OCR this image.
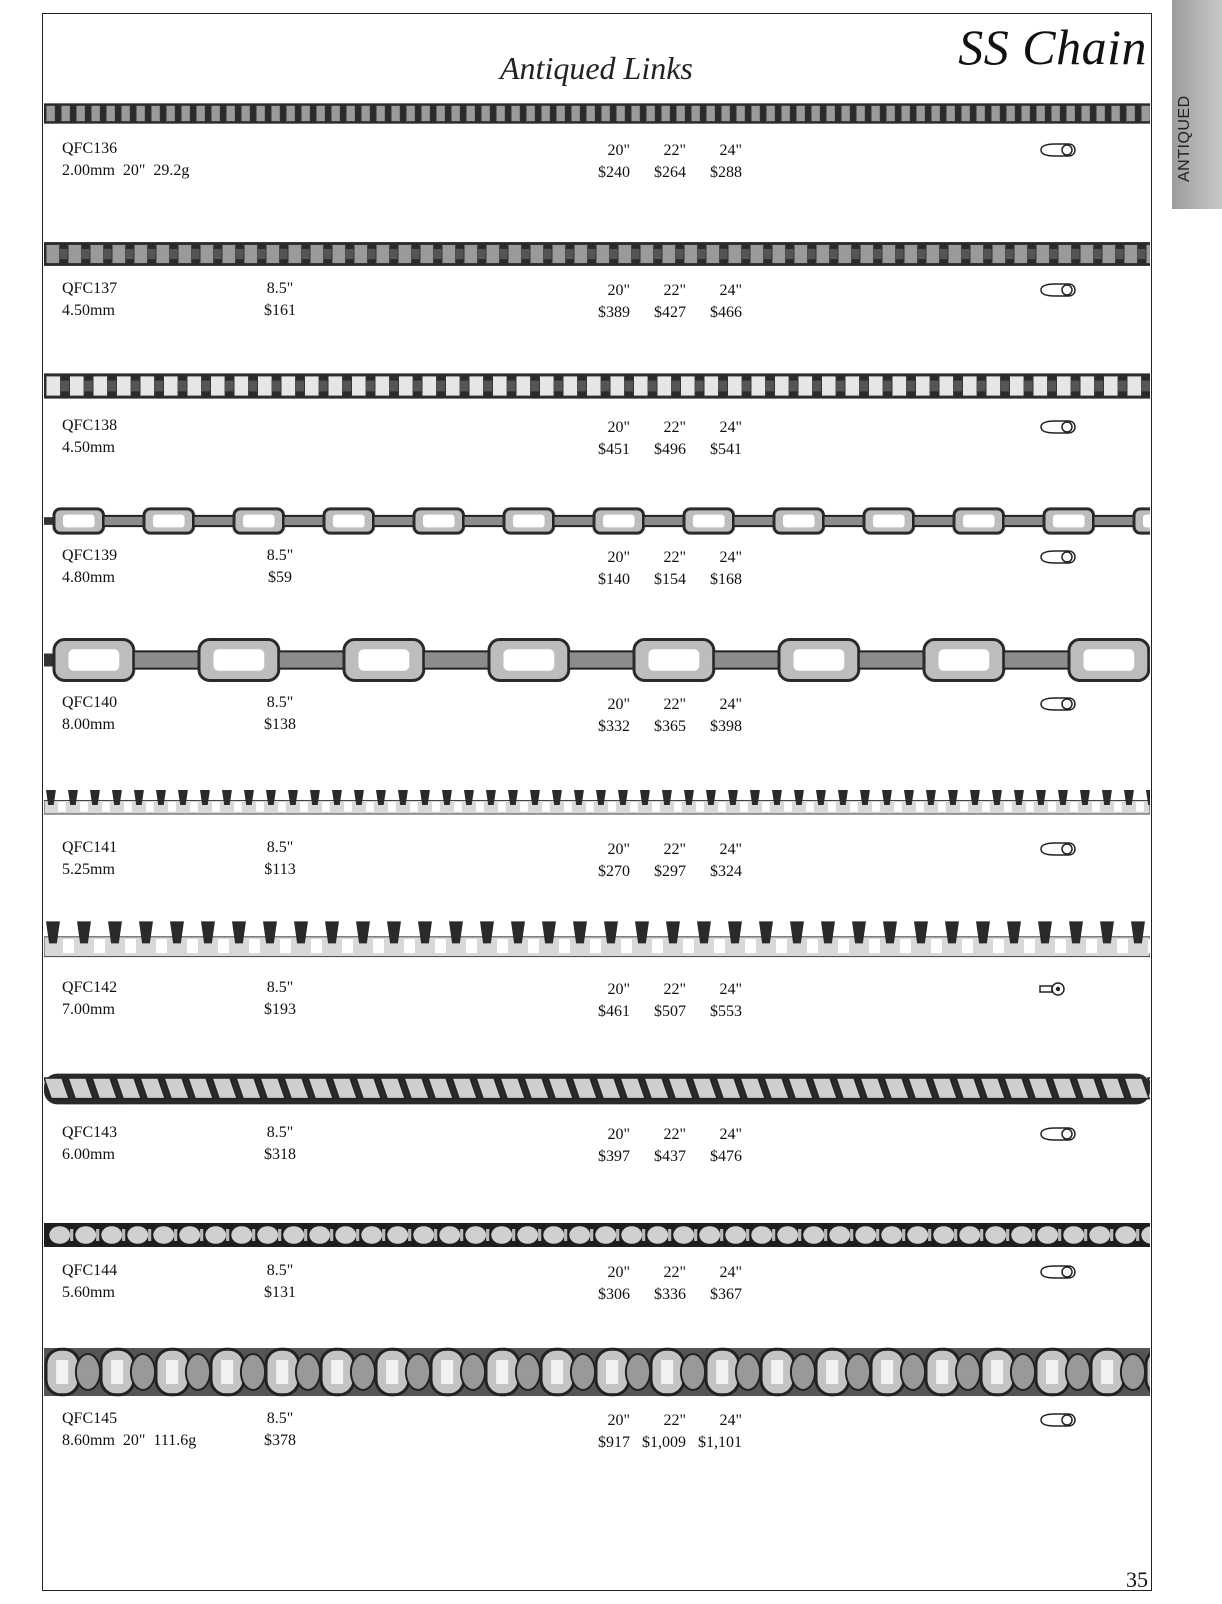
ANTIQUED
SS Chain
Antiqued Links
35
QFC136
2.00mm  20"  29.2g
20"	22"	24"
$240	$264	$288
QFC137
4.50mm
8.5"
$161
20"	22"	24"
$389	$427	$466
QFC138
4.50mm
20"	22"	24"
$451	$496	$541
QFC139
4.80mm
8.5"
$59
20"	22"	24"
$140	$154	$168
QFC140
8.00mm
8.5"
$138
20"	22"	24"
$332	$365	$398
QFC141
5.25mm
8.5"
$113
20"	22"	24"
$270	$297	$324
QFC142
7.00mm
8.5"
$193
20"	22"	24"
$461	$507	$553
QFC143
6.00mm
8.5"
$318
20"	22"	24"
$397	$437	$476
QFC144
5.60mm
8.5"
$131
20"	22"	24"
$306	$336	$367
QFC145
8.60mm  20"  111.6g
8.5"
$378
20"	22"	24"
$917 $1,009 $1,101
